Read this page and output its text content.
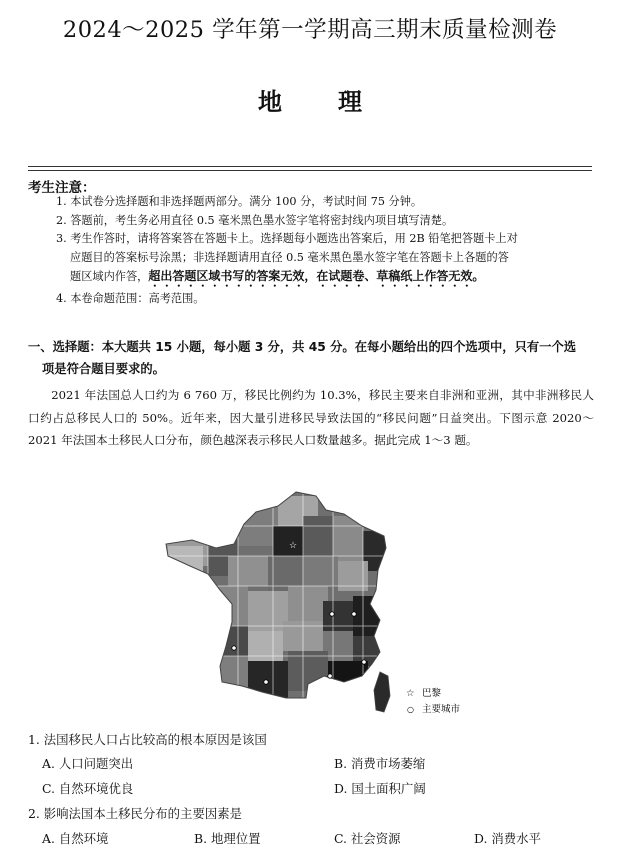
2024～2025 学年第一学期高三期末质量检测卷
地 理
考生注意：
1. 本试卷分选择题和非选择题两部分。满分 100 分，考试时间 75 分钟。
2. 答题前，考生务必用直径 0.5 毫米黑色墨水签字笔将密封线内项目填写清楚。
3. 考生作答时，请将答案答在答题卡上。选择题每小题选出答案后，用 2B 铅笔把答题卡上对
应题目的答案标号涂黑；非选择题请用直径 0.5 毫米黑色墨水签字笔在答题卡上各题的答
题区域内作答，超出答题区域书写的答案无效，在试题卷、草稿纸上作答无效。
4. 本卷命题范围：高考范围。
一、选择题：本大题共 15 小题，每小题 3 分，共 45 分。在每小题给出的四个选项中，只有一个选
项是符合题目要求的。
2021 年法国总人口约为 6 760 万，移民比例约为 10.3%，移民主要来自非洲和亚洲，其中非洲移民人口约占总移民人口的 50%。近年来，因大量引进移民导致法国的“移民问题”日益突出。下图示意 2020～2021 年法国本土移民人口分布，颜色越深表示移民人口数量越多。据此完成 1～3 题。
☆
☆ 巴黎
○ 主要城市
1. 法国移民人口占比较高的根本原因是该国
A. 人口问题突出	B. 消费市场萎缩
C. 自然环境优良	D. 国土面积广阔
2. 影响法国本土移民分布的主要因素是
A. 自然环境	B. 地理位置	C. 社会资源	D. 消费水平
